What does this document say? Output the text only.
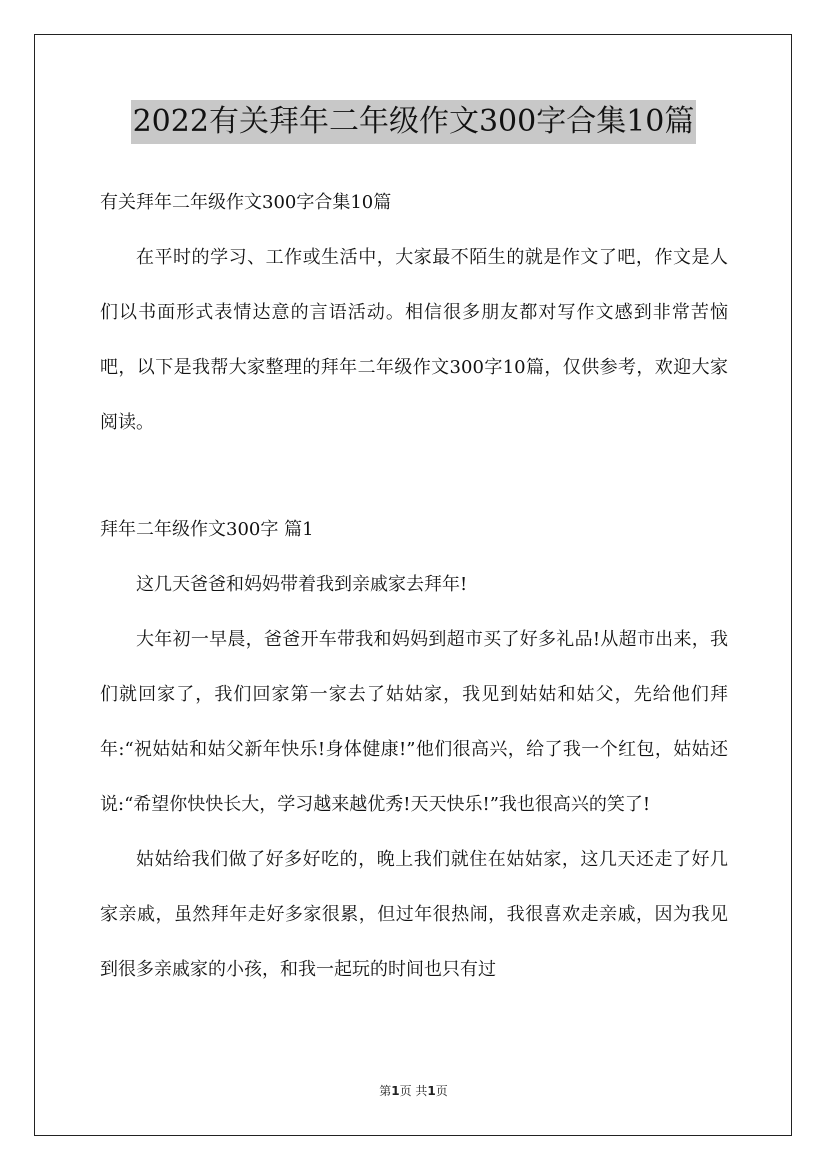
2022有关拜年二年级作文300字合集10篇

有关拜年二年级作文300字合集10篇

在平时的学习、工作或生活中，大家最不陌生的就是作文了吧，作文是人们以书面形式表情达意的言语活动。相信很多朋友都对写作文感到非常苦恼吧，以下是我帮大家整理的拜年二年级作文300字10篇，仅供参考，欢迎大家阅读。

拜年二年级作文300字 篇1

这几天爸爸和妈妈带着我到亲戚家去拜年!

大年初一早晨，爸爸开车带我和妈妈到超市买了好多礼品!从超市出来，我们就回家了，我们回家第一家去了姑姑家，我见到姑姑和姑父，先给他们拜年:“祝姑姑和姑父新年快乐!身体健康!”他们很高兴，给了我一个红包，姑姑还说:“希望你快快长大，学习越来越优秀!天天快乐!”我也很高兴的笑了!

姑姑给我们做了好多好吃的，晚上我们就住在姑姑家，这几天还走了好几家亲戚，虽然拜年走好多家很累，但过年很热闹，我很喜欢走亲戚，因为我见到很多亲戚家的小孩，和我一起玩的时间也只有过

第1页 共1页
